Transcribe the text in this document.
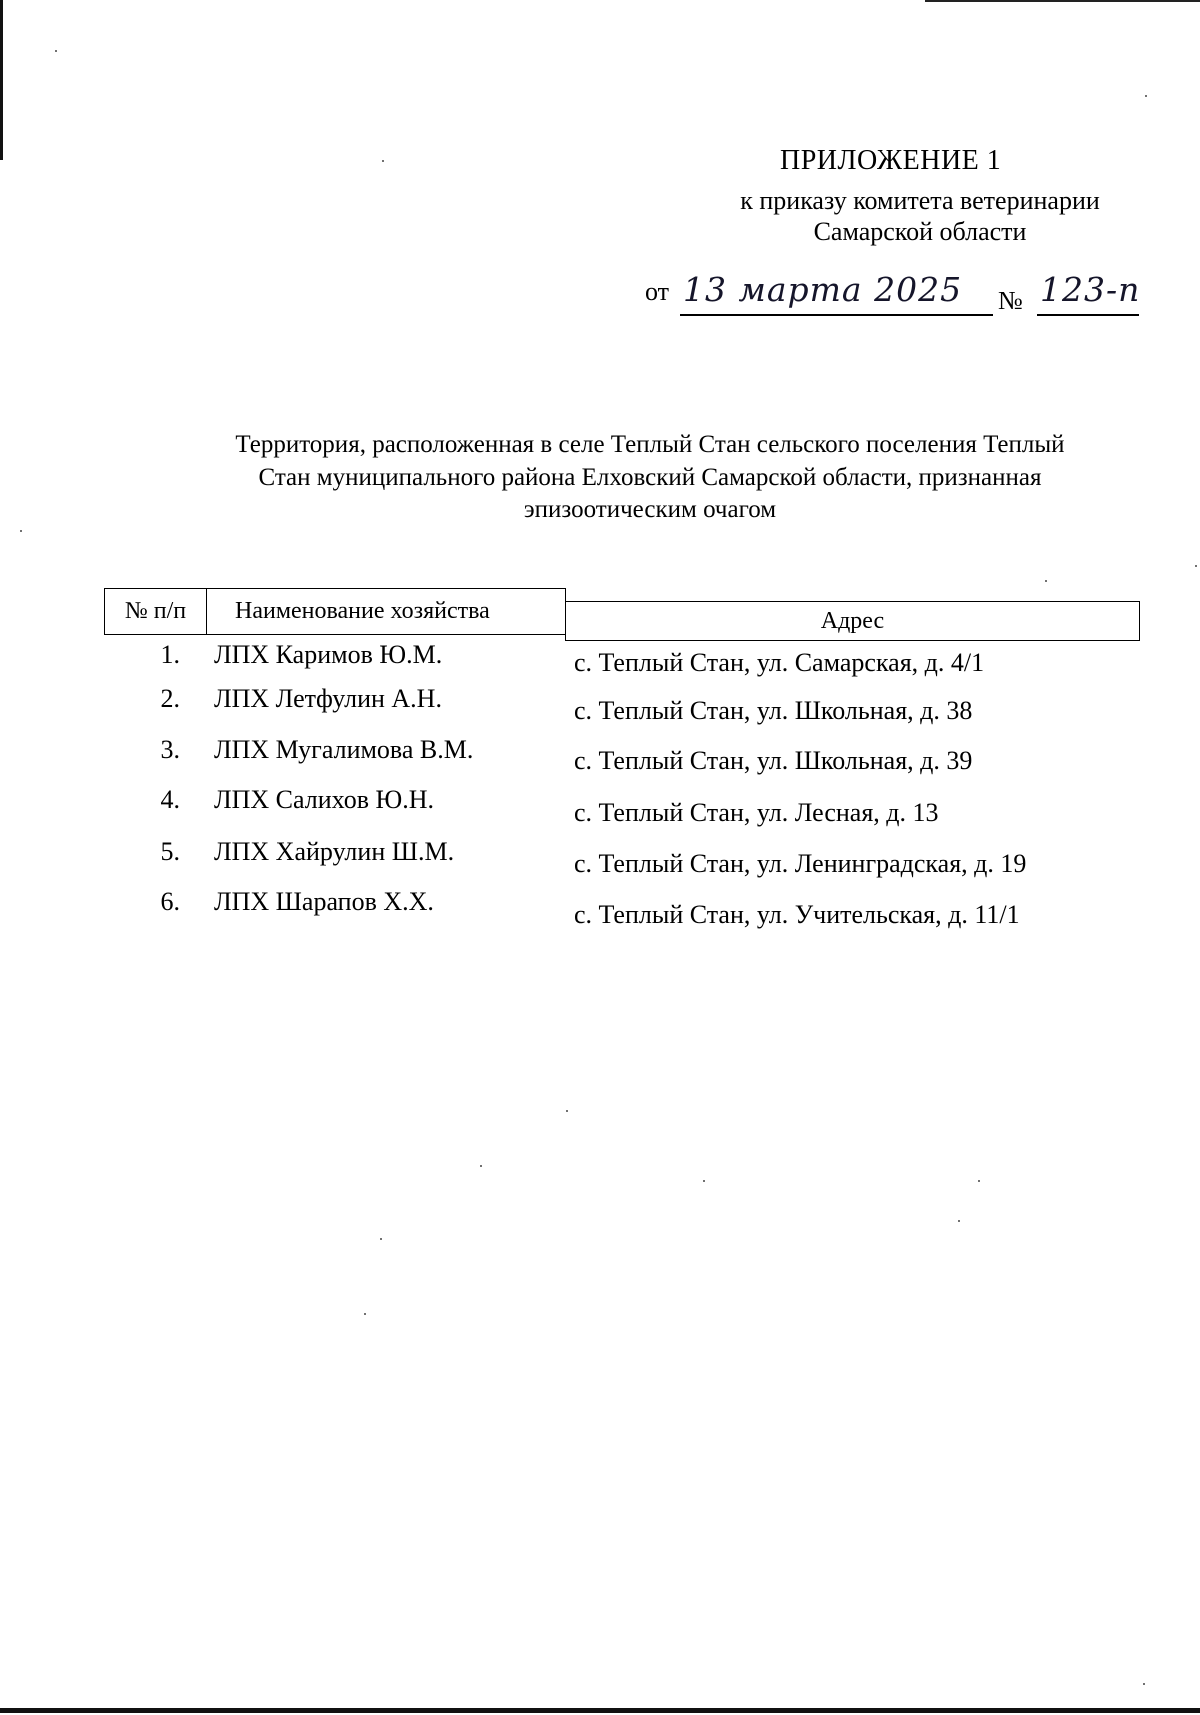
ПРИЛОЖЕНИЕ 1
к приказу комитета ветеринарии
Самарской области
от 13 марта 2025 № 123-п
Территория, расположенная в селе Теплый Стан сельского поселения Теплый
Стан муниципального района Елховский Самарской области, признанная
эпизоотическим очагом
№ п/п	Наименование хозяйства	Адрес
1. ЛПХ Каримов Ю.М.	с. Теплый Стан, ул. Самарская, д. 4/1
2. ЛПХ Летфулин А.Н.	с. Теплый Стан, ул. Школьная, д. 38
3. ЛПХ Мугалимова В.М.	с. Теплый Стан, ул. Школьная, д. 39
4. ЛПХ Салихов Ю.Н.	с. Теплый Стан, ул. Лесная, д. 13
5. ЛПХ Хайрулин Ш.М.	с. Теплый Стан, ул. Ленинградская, д. 19
6. ЛПХ Шарапов Х.Х.	с. Теплый Стан, ул. Учительская, д. 11/1
